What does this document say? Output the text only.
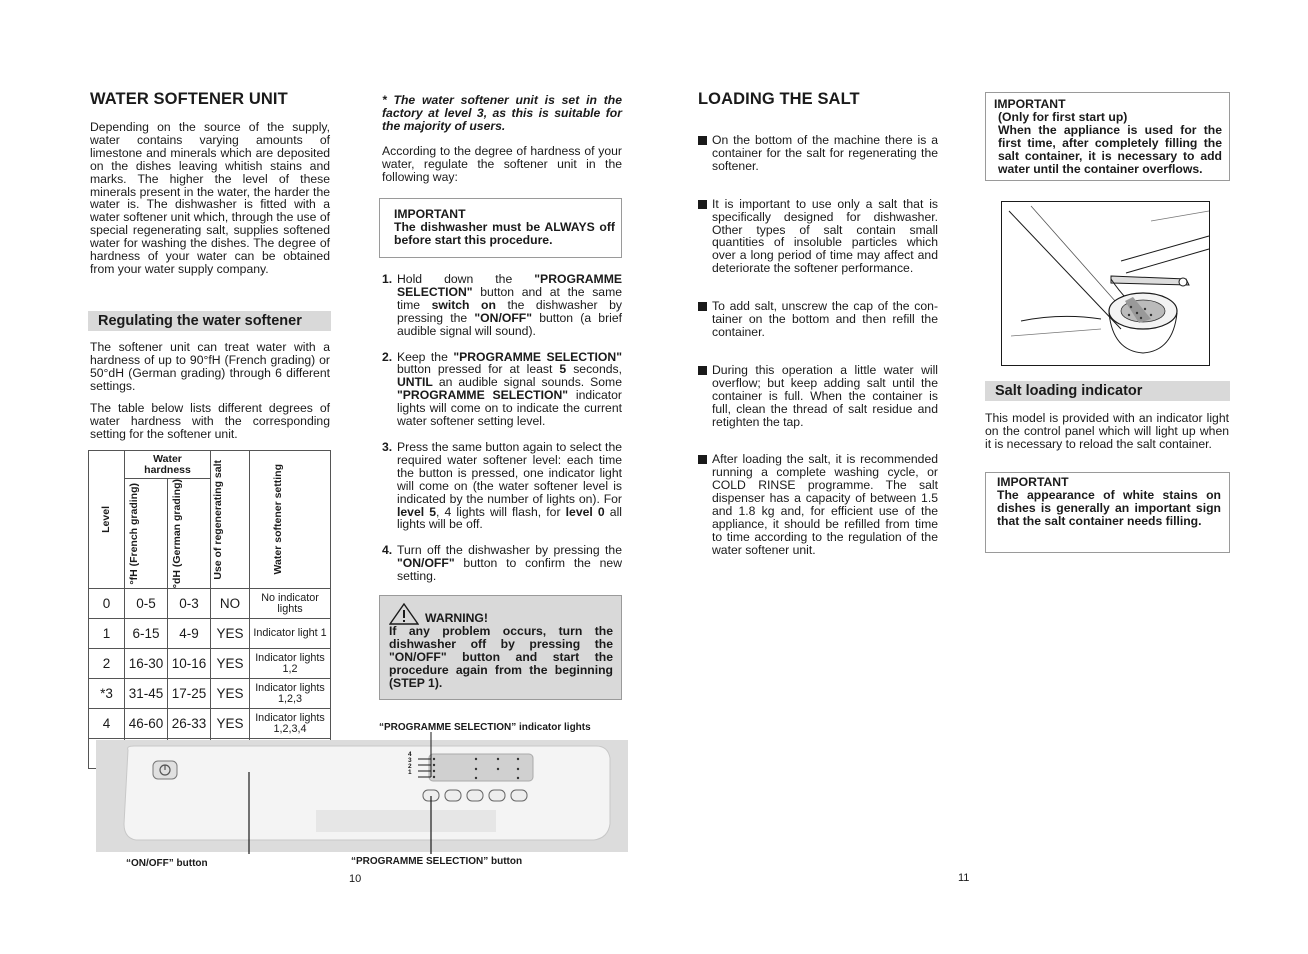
WATER SOFTENER UNIT

Depending on the source of the supply, water contains varying amounts of limestone and minerals which are deposited on the dishes leaving whitish stains and marks. The higher the level of these minerals present in the water, the harder the water is. The dishwasher is fitted with a water softener unit which, through the use of special regenerating salt, supplies softened water for washing the dishes. The degree of hardness of your water can be obtained from your water supply company.

Regulating the water softener

The softener unit can treat water with a hardness of up to 90°fH (French grading) or 50°dH (German grading) through 6 different settings.

The table below lists different degrees of water hardness with the corresponding setting for the softener unit.

Level	Water hardness		Use of regenerating salt	Water softener setting

	°fH (French grading)	°dH (German grading)		

0	0-5	0-3	NO	No indicator lights
1	6-15	4-9	YES	Indicator light 1
2	16-30	10-16	YES	Indicator lights 1,2
*3	31-45	17-25	YES	Indicator lights 1,2,3
4	46-60	26-33	YES	Indicator lights 1,2,3,4

* The water softener unit is set in the factory at level 3, as this is suitable for the majority of users.

According to the degree of hardness of your water, regulate the softener unit in the following way:

IMPORTANT
The dishwasher must be ALWAYS off before start this procedure.
1. Hold down the "PROGRAMME SELECTION" button and at the same time switch on the dishwasher by pressing the "ON/OFF" button (a brief audible signal will sound).
2. Keep the "PROGRAMME SELECTION" button pressed for at least 5 seconds, UNTIL an audible signal sounds. Some "PROGRAMME SELECTION" indicator lights will come on to indicate the current water softener setting level.
3. Press the same button again to select the required water softener level: each time the button is pressed, one indicator light will come on (the water softener level is indicated by the number of lights on). For level 5, 4 lights will flash, for level 0 all lights will be off.
4. Turn off the dishwasher by pressing the "ON/OFF" button to confirm the new setting.
WARNING!
If any problem occurs, turn the dishwasher off by pressing the "ON/OFF" button and start the procedure again from the beginning (STEP 1).
“PROGRAMME SELECTION” indicator lights
4
3
2
1
“ON/OFF” button	“PROGRAMME SELECTION” button
10
LOADING THE SALT
On the bottom of the machine there is a container for the salt for regenerating the softener.
It is important to use only a salt that is specifically designed for dishwasher. Other types of salt contain small quantities of insoluble particles which over a long period of time may affect and deteriorate the softener performance.
To add salt, unscrew the cap of the con- tainer on the bottom and then refill the container.
During this operation a little water will overflow; but keep adding salt until the container is full. When the container is full, clean the thread of salt residue and retighten the tap.
After loading the salt, it is recommended running a complete washing cycle, or COLD RINSE programme. The salt dispenser has a capacity of between 1.5 and 1.8 kg and, for efficient use of the appliance, it should be refilled from time to time according to the regulation of the water softener unit.
IMPORTANT
(Only for first start up)
When the appliance is used for the first time, after completely filling the salt container, it is necessary to add water until the container overflows.
Salt loading indicator

This model is provided with an indicator light on the control panel which will light up when it is necessary to reload the salt container.

IMPORTANT
The appearance of white stains on dishes is generally an important sign that the salt container needs filling.
11
